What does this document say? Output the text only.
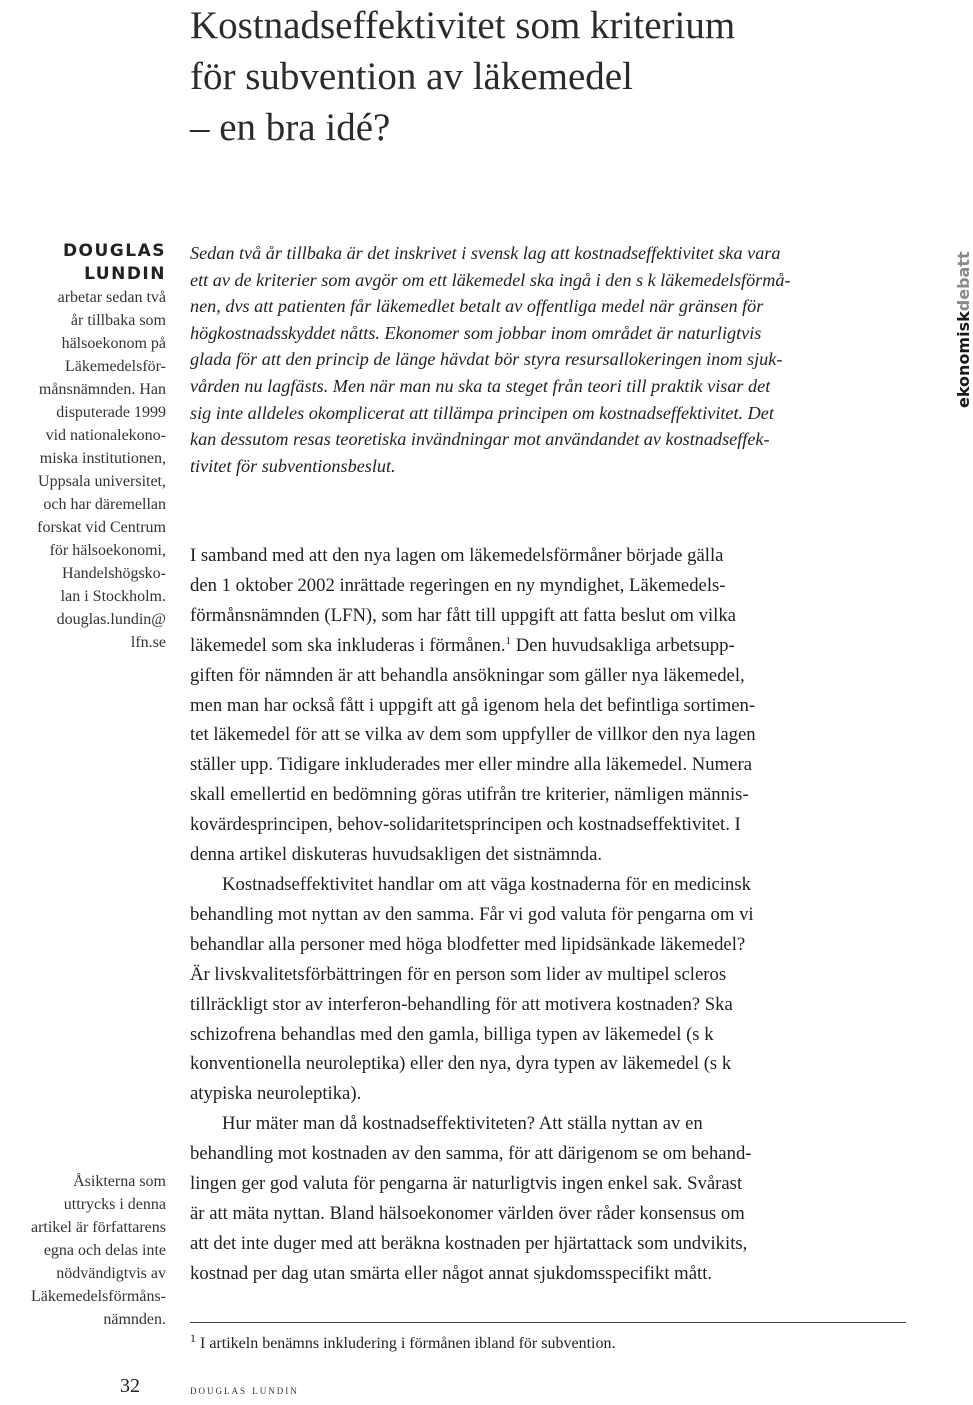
Kostnadseffektivitet som kriterium
för subvention av läkemedel
– en bra idé?
DOUGLAS
LUNDIN
arbetar sedan två
år tillbaka som
hälsoekonom på
Läkemedelsför-
månsnämnden. Han
disputerade 1999
vid nationalekono-
miska institutionen,
Uppsala universitet,
och har däremellan
forskat vid Centrum
för hälsoekonomi,
Handelshögsko-
lan i Stockholm.
douglas.lundin@
lfn.se
Åsikterna som
uttrycks i denna
artikel är författarens
egna och delas inte
nödvändigtvis av
Läkemedelsförmåns-
nämnden.
ekonomiskdebatt
Sedan två år tillbaka är det inskrivet i svensk lag att kostnadseffektivitet ska vara
ett av de kriterier som avgör om ett läkemedel ska ingå i den s k läkemedelsförmå-
nen, dvs att patienten får läkemedlet betalt av offentliga medel när gränsen för
högkostnadsskyddet nåtts. Ekonomer som jobbar inom området är naturligtvis
glada för att den princip de länge hävdat bör styra resursallokeringen inom sjuk-
vården nu lagfästs. Men när man nu ska ta steget från teori till praktik visar det
sig inte alldeles okomplicerat att tillämpa principen om kostnadseffektivitet. Det
kan dessutom resas teoretiska invändningar mot användandet av kostnadseffek-
tivitet för subventionsbeslut.
I samband med att den nya lagen om läkemedelsförmåner började gälla
den 1 oktober 2002 inrättade regeringen en ny myndighet, Läkemedels-
förmånsnämnden (LFN), som har fått till uppgift att fatta beslut om vilka
läkemedel som ska inkluderas i förmånen.$^1$ Den huvudsakliga arbetsupp-
giften för nämnden är att behandla ansökningar som gäller nya läkemedel,
men man har också fått i uppgift att gå igenom hela det befintliga sortimen-
tet läkemedel för att se vilka av dem som uppfyller de villkor den nya lagen
ställer upp. Tidigare inkluderades mer eller mindre alla läkemedel. Numera
skall emellertid en bedömning göras utifrån tre kriterier, nämligen männis-
kovärdesprincipen, behov-solidaritetsprincipen och kostnadseffektivitet. I
denna artikel diskuteras huvudsakligen det sistnämnda.
Kostnadseffektivitet handlar om att väga kostnaderna för en medicinsk
behandling mot nyttan av den samma. Får vi god valuta för pengarna om vi
behandlar alla personer med höga blodfetter med lipidsänkade läkemedel?
Är livskvalitetsförbättringen för en person som lider av multipel scleros
tillräckligt stor av interferon-behandling för att motivera kostnaden? Ska
schizofrena behandlas med den gamla, billiga typen av läkemedel (s k
konventionella neuroleptika) eller den nya, dyra typen av läkemedel (s k
atypiska neuroleptika).
Hur mäter man då kostnadseffektiviteten? Att ställa nyttan av en
behandling mot kostnaden av den samma, för att därigenom se om behand-
lingen ger god valuta för pengarna är naturligtvis ingen enkel sak. Svårast
är att mäta nyttan. Bland hälsoekonomer världen över råder konsensus om
att det inte duger med att beräkna kostnaden per hjärtattack som undvikits,
kostnad per dag utan smärta eller något annat sjukdomsspecifikt mått.
$^1$ I artikeln benämns inkludering i förmånen ibland för subvention.
32	douglas lundin
